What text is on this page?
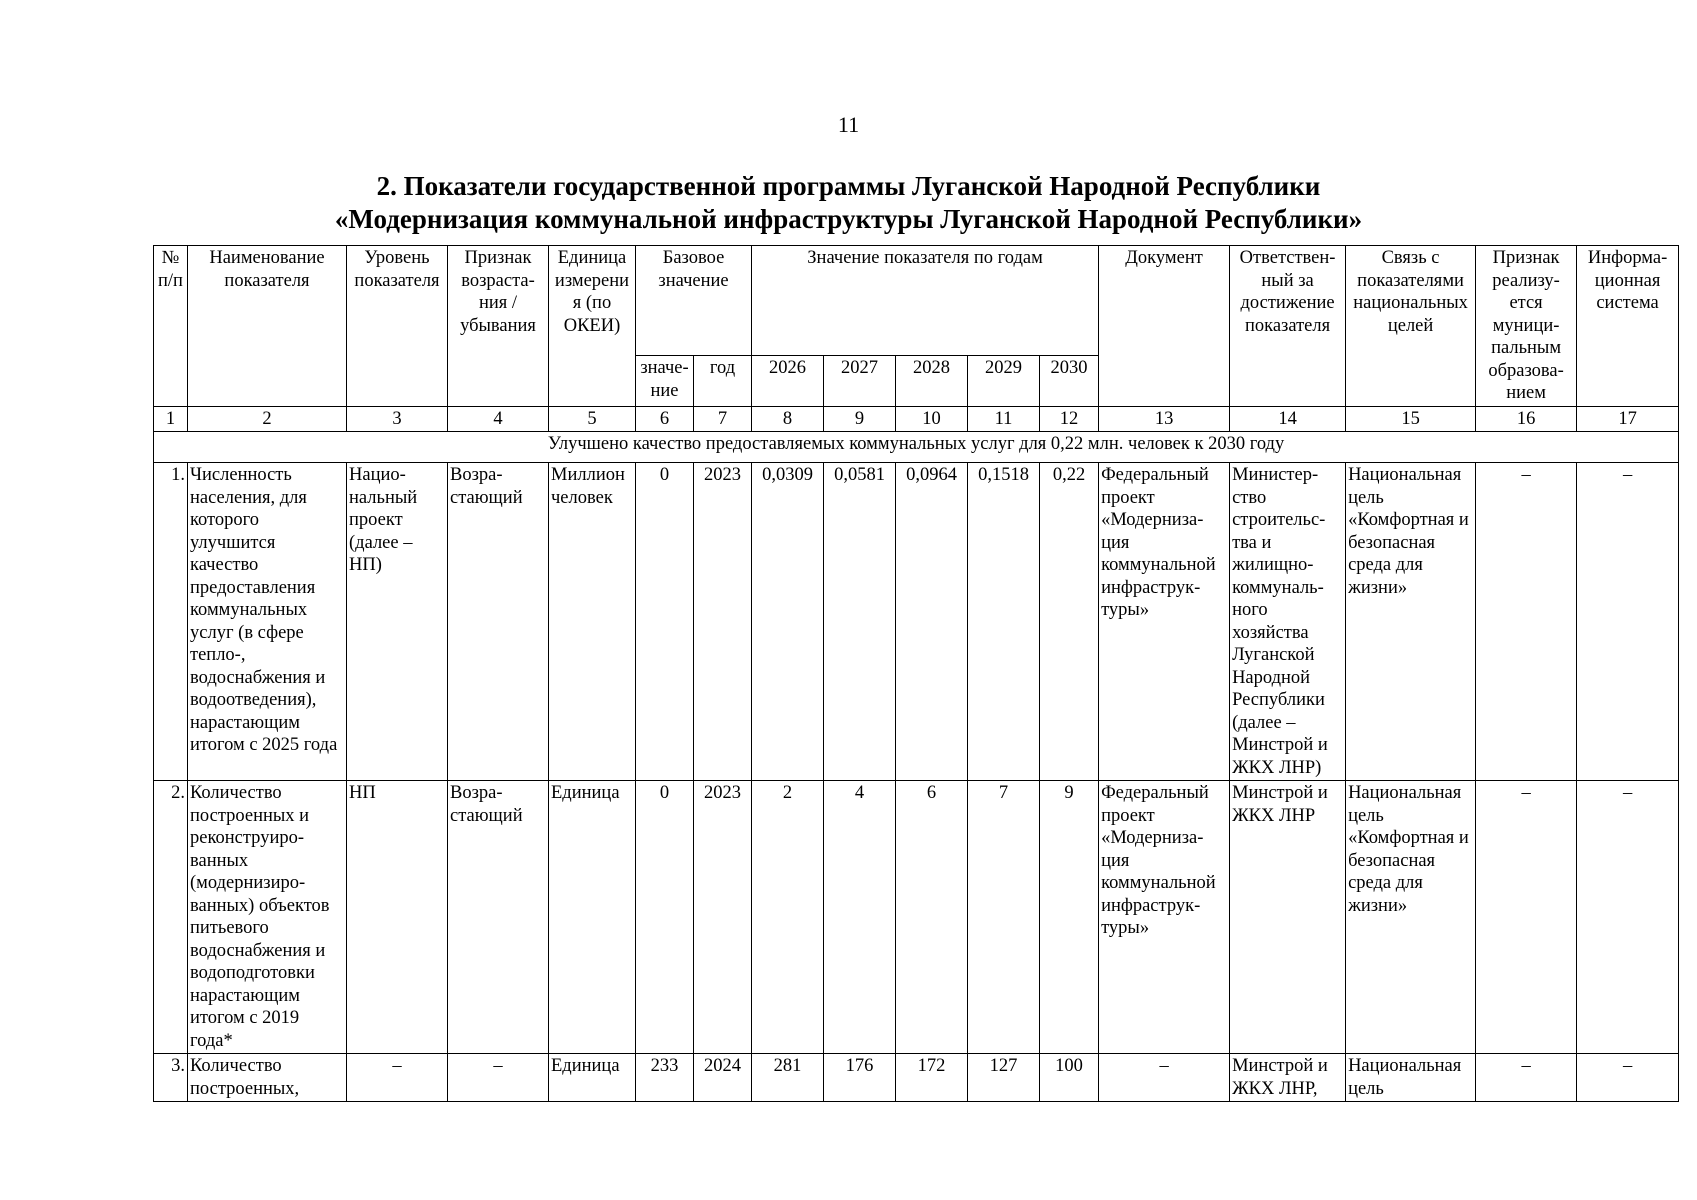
11
2. Показатели государственной программы Луганской Народной Республики
«Модернизация коммунальной инфраструктуры Луганской Народной Республики»
№ п/п	Наименование показателя	Уровень показателя	Признак возраста- ния / убывания	Единица измерения (по ОКЕИ)	Базовое значение		Значение показателя по годам					Документ	Ответствен- ный за достижение показателя	Связь с показателями национальных целей	Признак реализу- ется муници- пальным образова- нием	Информа- ционная система
					значе- ние	год	2026	2027	2028	2029	2030					
1	2	3	4	5	6	7	8	9	10	11	12	13	14	15	16	17
Улучшено качество предоставляемых коммунальных услуг для 0,22 млн. человек к 2030 году																
1.	Численность населения, для которого улучшится качество предоставления коммунальных услуг (в сфере тепло-, водоснабжения и водоотведения), нарастающим итогом с 2025 года	Нацио- нальный проект (далее – НП)	Возра- стающий	Миллион человек	0	2023	0,0309	0,0581	0,0964	0,1518	0,22	Федеральный проект «Модерниза- ция коммунальной инфраструк- туры»	Министер- ство строительс- тва и жилищно- коммуналь- ного хозяйства Луганской Народной Республики (далее – Минстрой и ЖКХ ЛНР)	Национальная цель «Комфортная и безопасная среда для жизни»	–	–
2.	Количество построенных и реконструиро- ванных (модернизиро- ванных) объектов питьевого водоснабжения и водоподготовки нарастающим итогом с 2019 года*	НП	Возра- стающий	Единица	0	2023	2	4	6	7	9	Федеральный проект «Модерниза- ция коммунальной инфраструк- туры»	Минстрой и ЖКХ ЛНР	Национальная цель «Комфортная и безопасная среда для жизни»	–	–
3.	Количество построенных,	–	–	Единица	233	2024	281	176	172	127	100	–	Минстрой и ЖКХ ЛНР,	Национальная цель	–	–
